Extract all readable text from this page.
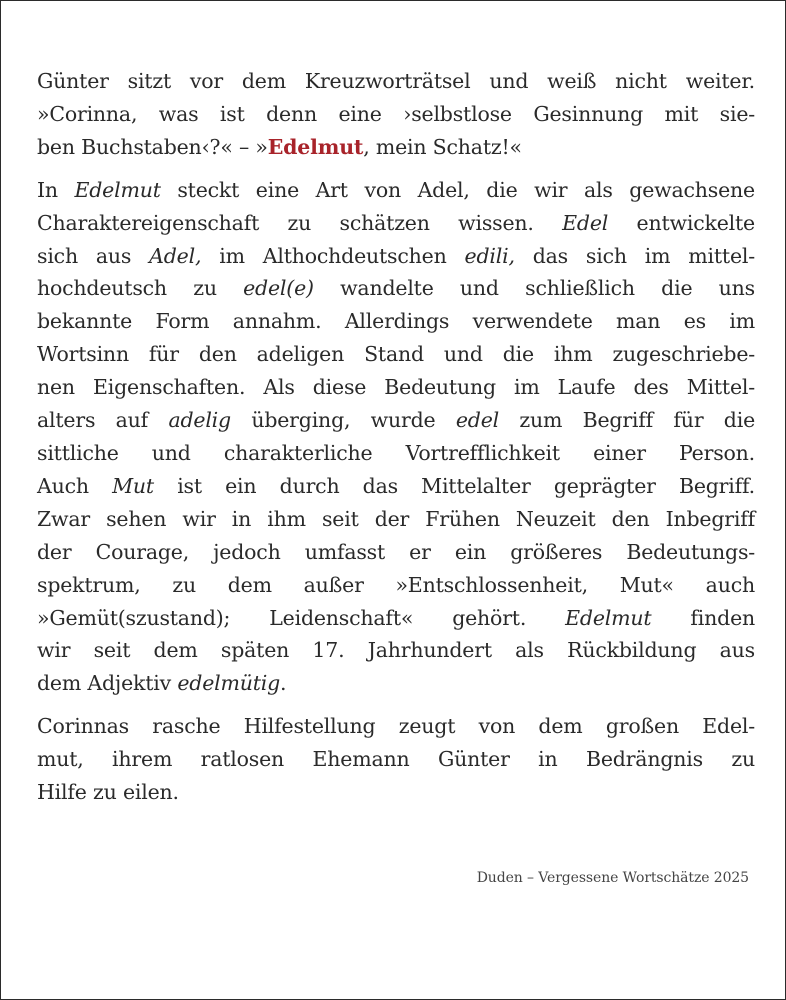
Günter sitzt vor dem Kreuzworträtsel und weiß nicht weiter.
»Corinna, was ist denn eine ›selbstlose Gesinnung mit sie-
ben Buchstaben‹?« – »Edelmut, mein Schatz!«

In Edelmut steckt eine Art von Adel, die wir als gewachsene
Charaktereigenschaft zu schätzen wissen. Edel entwickelte
sich aus Adel, im Althochdeutschen edili, das sich im mittel-
hochdeutsch zu edel(e) wandelte und schließlich die uns
bekannte Form annahm. Allerdings verwendete man es im
Wortsinn für den adeligen Stand und die ihm zugeschriebe-
nen Eigenschaften. Als diese Bedeutung im Laufe des Mittel-
alters auf adelig überging, wurde edel zum Begriff für die
sittliche und charakterliche Vortrefflichkeit einer Person.
Auch Mut ist ein durch das Mittelalter geprägter Begriff.
Zwar sehen wir in ihm seit der Frühen Neuzeit den Inbegriff
der Courage, jedoch umfasst er ein größeres Bedeutungs-
spektrum, zu dem außer »Entschlossenheit, Mut« auch
»Gemüt(szustand); Leidenschaft« gehört. Edelmut finden
wir seit dem späten 17. Jahrhundert als Rückbildung aus
dem Adjektiv edelmütig.

Corinnas rasche Hilfestellung zeugt von dem großen Edel-
mut, ihrem ratlosen Ehemann Günter in Bedrängnis zu
Hilfe zu eilen.

Duden – Vergessene Wortschätze 2025
